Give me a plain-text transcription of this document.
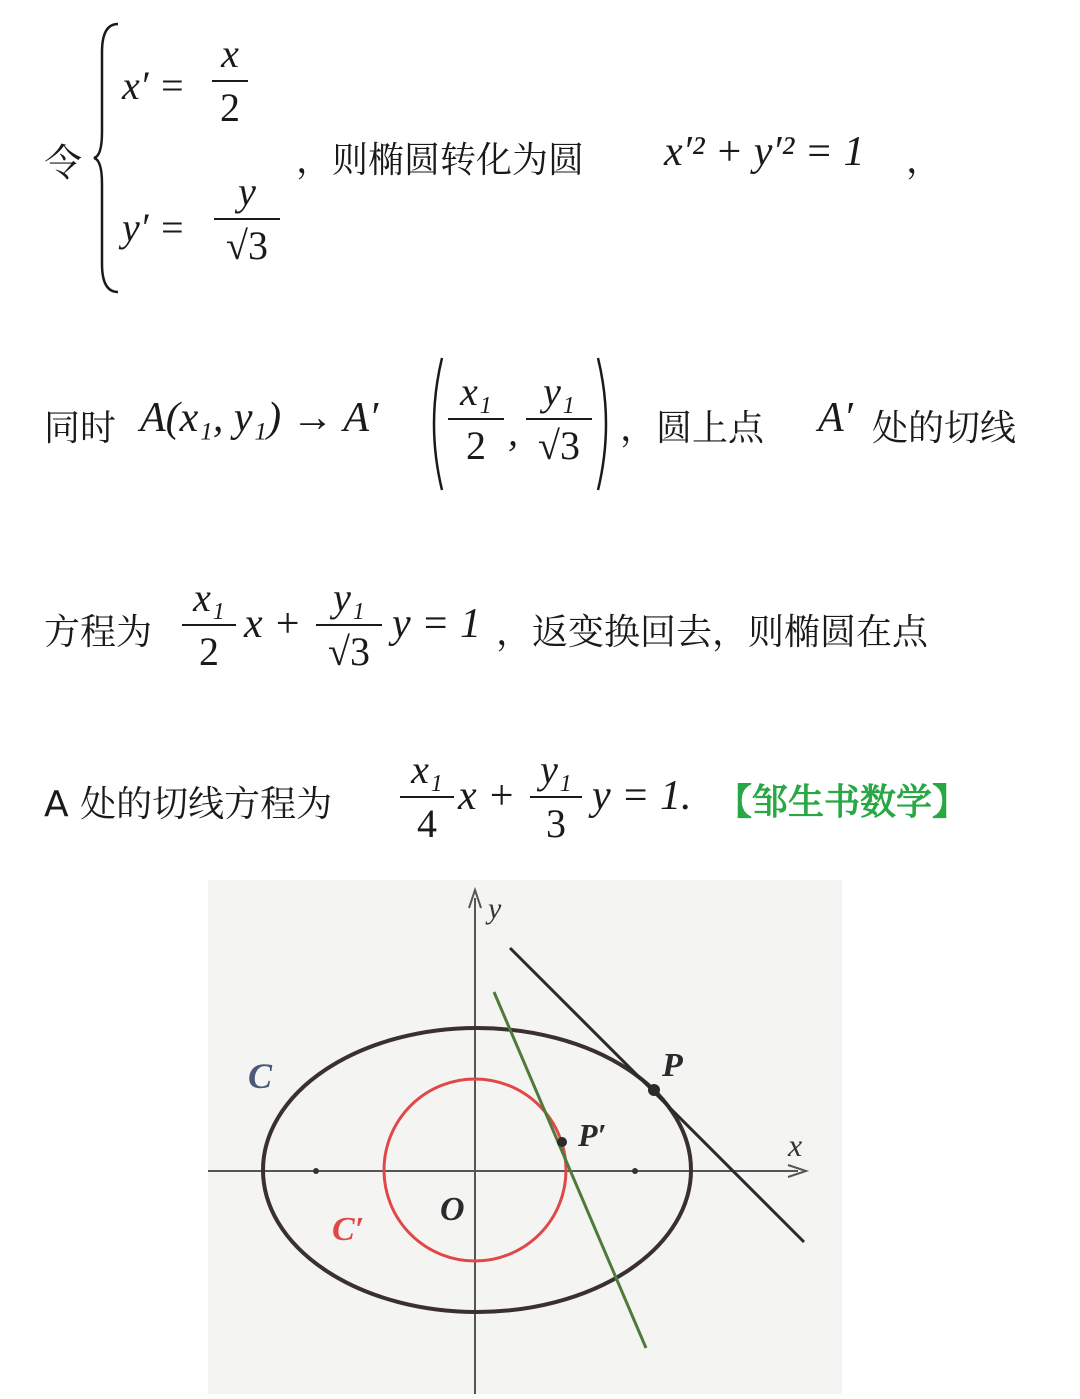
令
x′ =
x
2
y′ =
y
√3
，则椭圆转化为圆 x′² + y′² = 1 ，
同时 A(x₁, y₁) → A′
x₁
2 ,
y₁
√3	，圆上点 A′ 处的切线
方程为
x₁
2
x +
y₁
√3
y = 1 ，返变换回去，则椭圆在点
A 处的切线方程为
x₁
4
x +
y₁
3
y = 1. 【邹生书数学】
y
x
C	P
P′
O
C′
